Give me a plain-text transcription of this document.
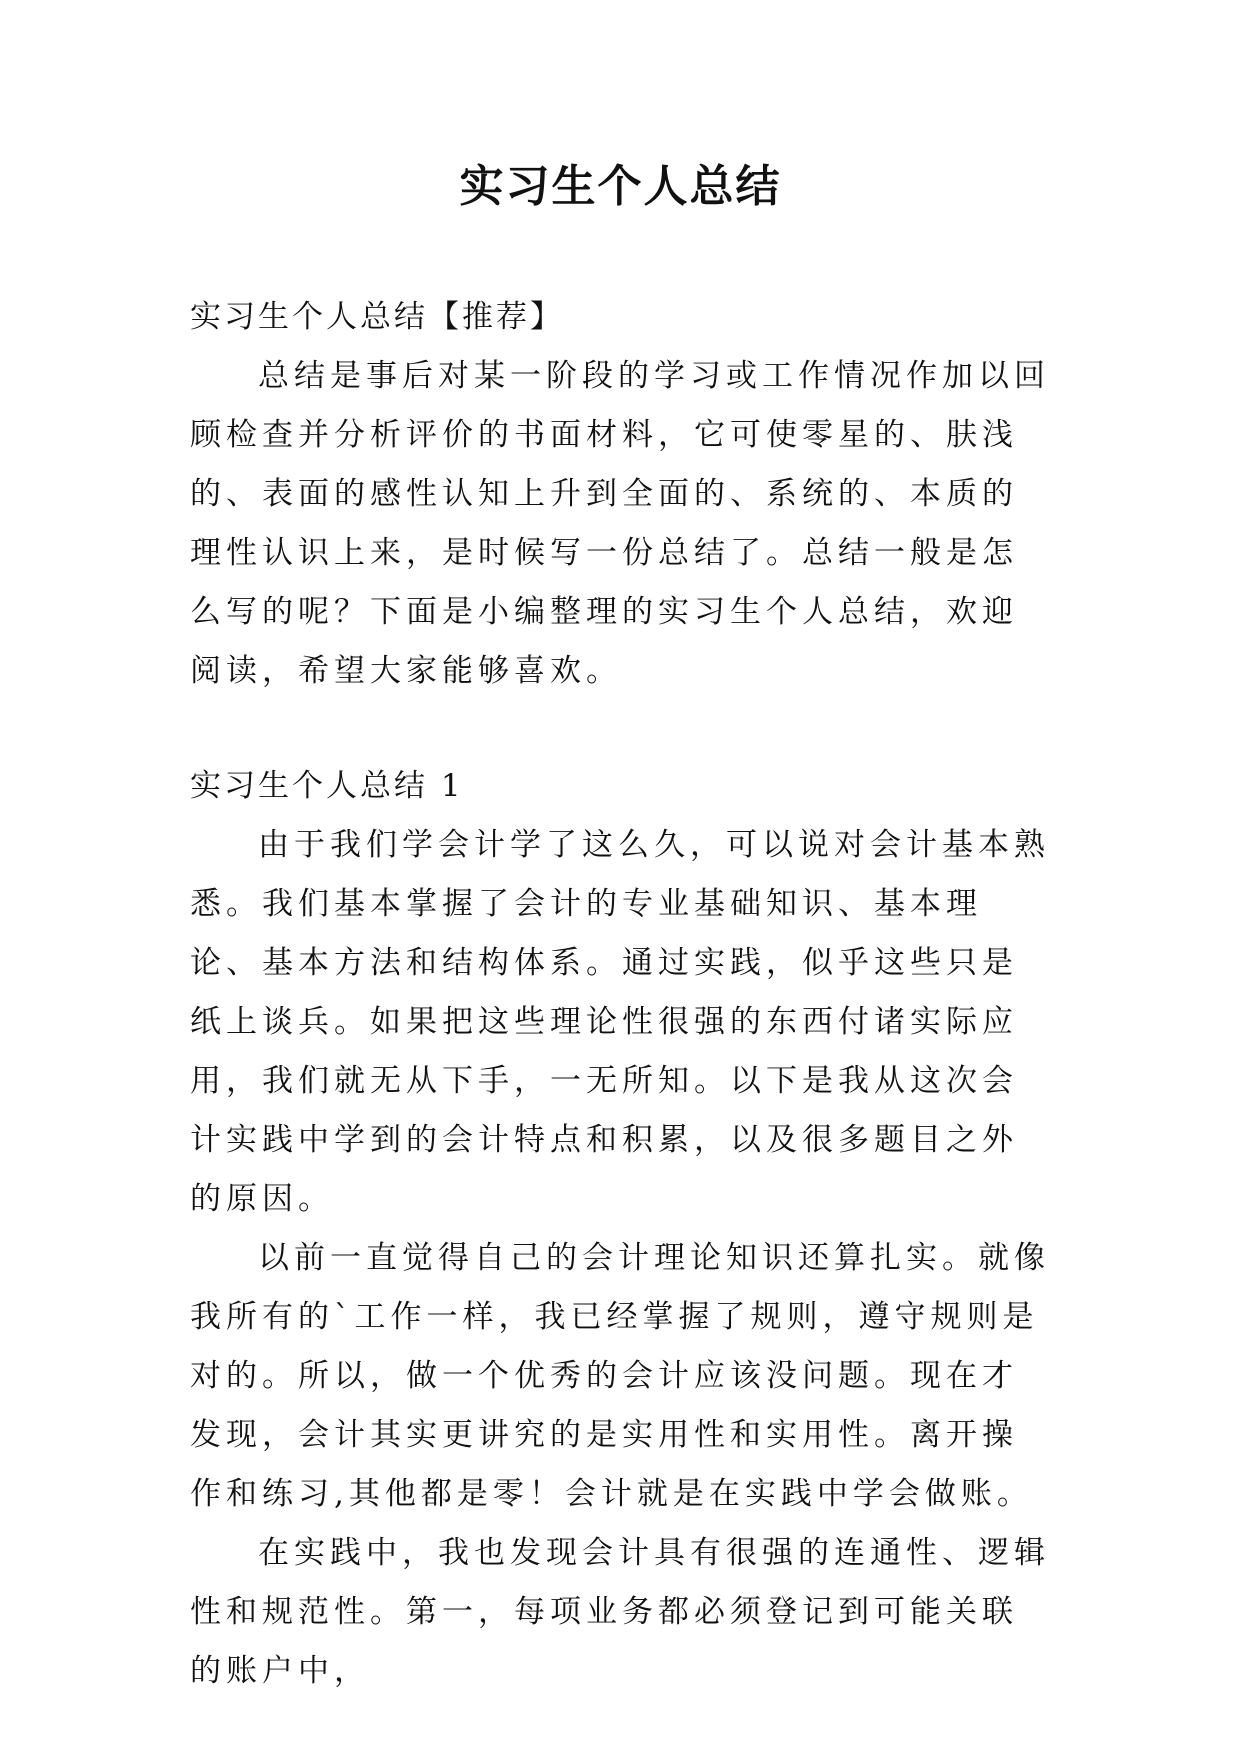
实习生个人总结
实习生个人总结【推荐】

总结是事后对某一阶段的学习或工作情况作加以回顾检查并分析评价的书面材料，它可使零星的、肤浅的、表面的感性认知上升到全面的、系统的、本质的理性认识上来，是时候写一份总结了。总结一般是怎么写的呢？下面是小编整理的实习生个人总结，欢迎阅读，希望大家能够喜欢。

实习生个人总结 1

由于我们学会计学了这么久，可以说对会计基本熟悉。我们基本掌握了会计的专业基础知识、基本理论、基本方法和结构体系。通过实践，似乎这些只是纸上谈兵。如果把这些理论性很强的东西付诸实际应用，我们就无从下手，一无所知。以下是我从这次会计实践中学到的会计特点和积累，以及很多题目之外的原因。

以前一直觉得自己的会计理论知识还算扎实。就像我所有的`工作一样，我已经掌握了规则，遵守规则是对的。所以，做一个优秀的会计应该没问题。现在才发现，会计其实更讲究的是实用性和实用性。离开操作和练习,其他都是零！会计就是在实践中学会做账。

在实践中，我也发现会计具有很强的连通性、逻辑性和规范性。第一，每项业务都必须登记到可能关联的账户中，
